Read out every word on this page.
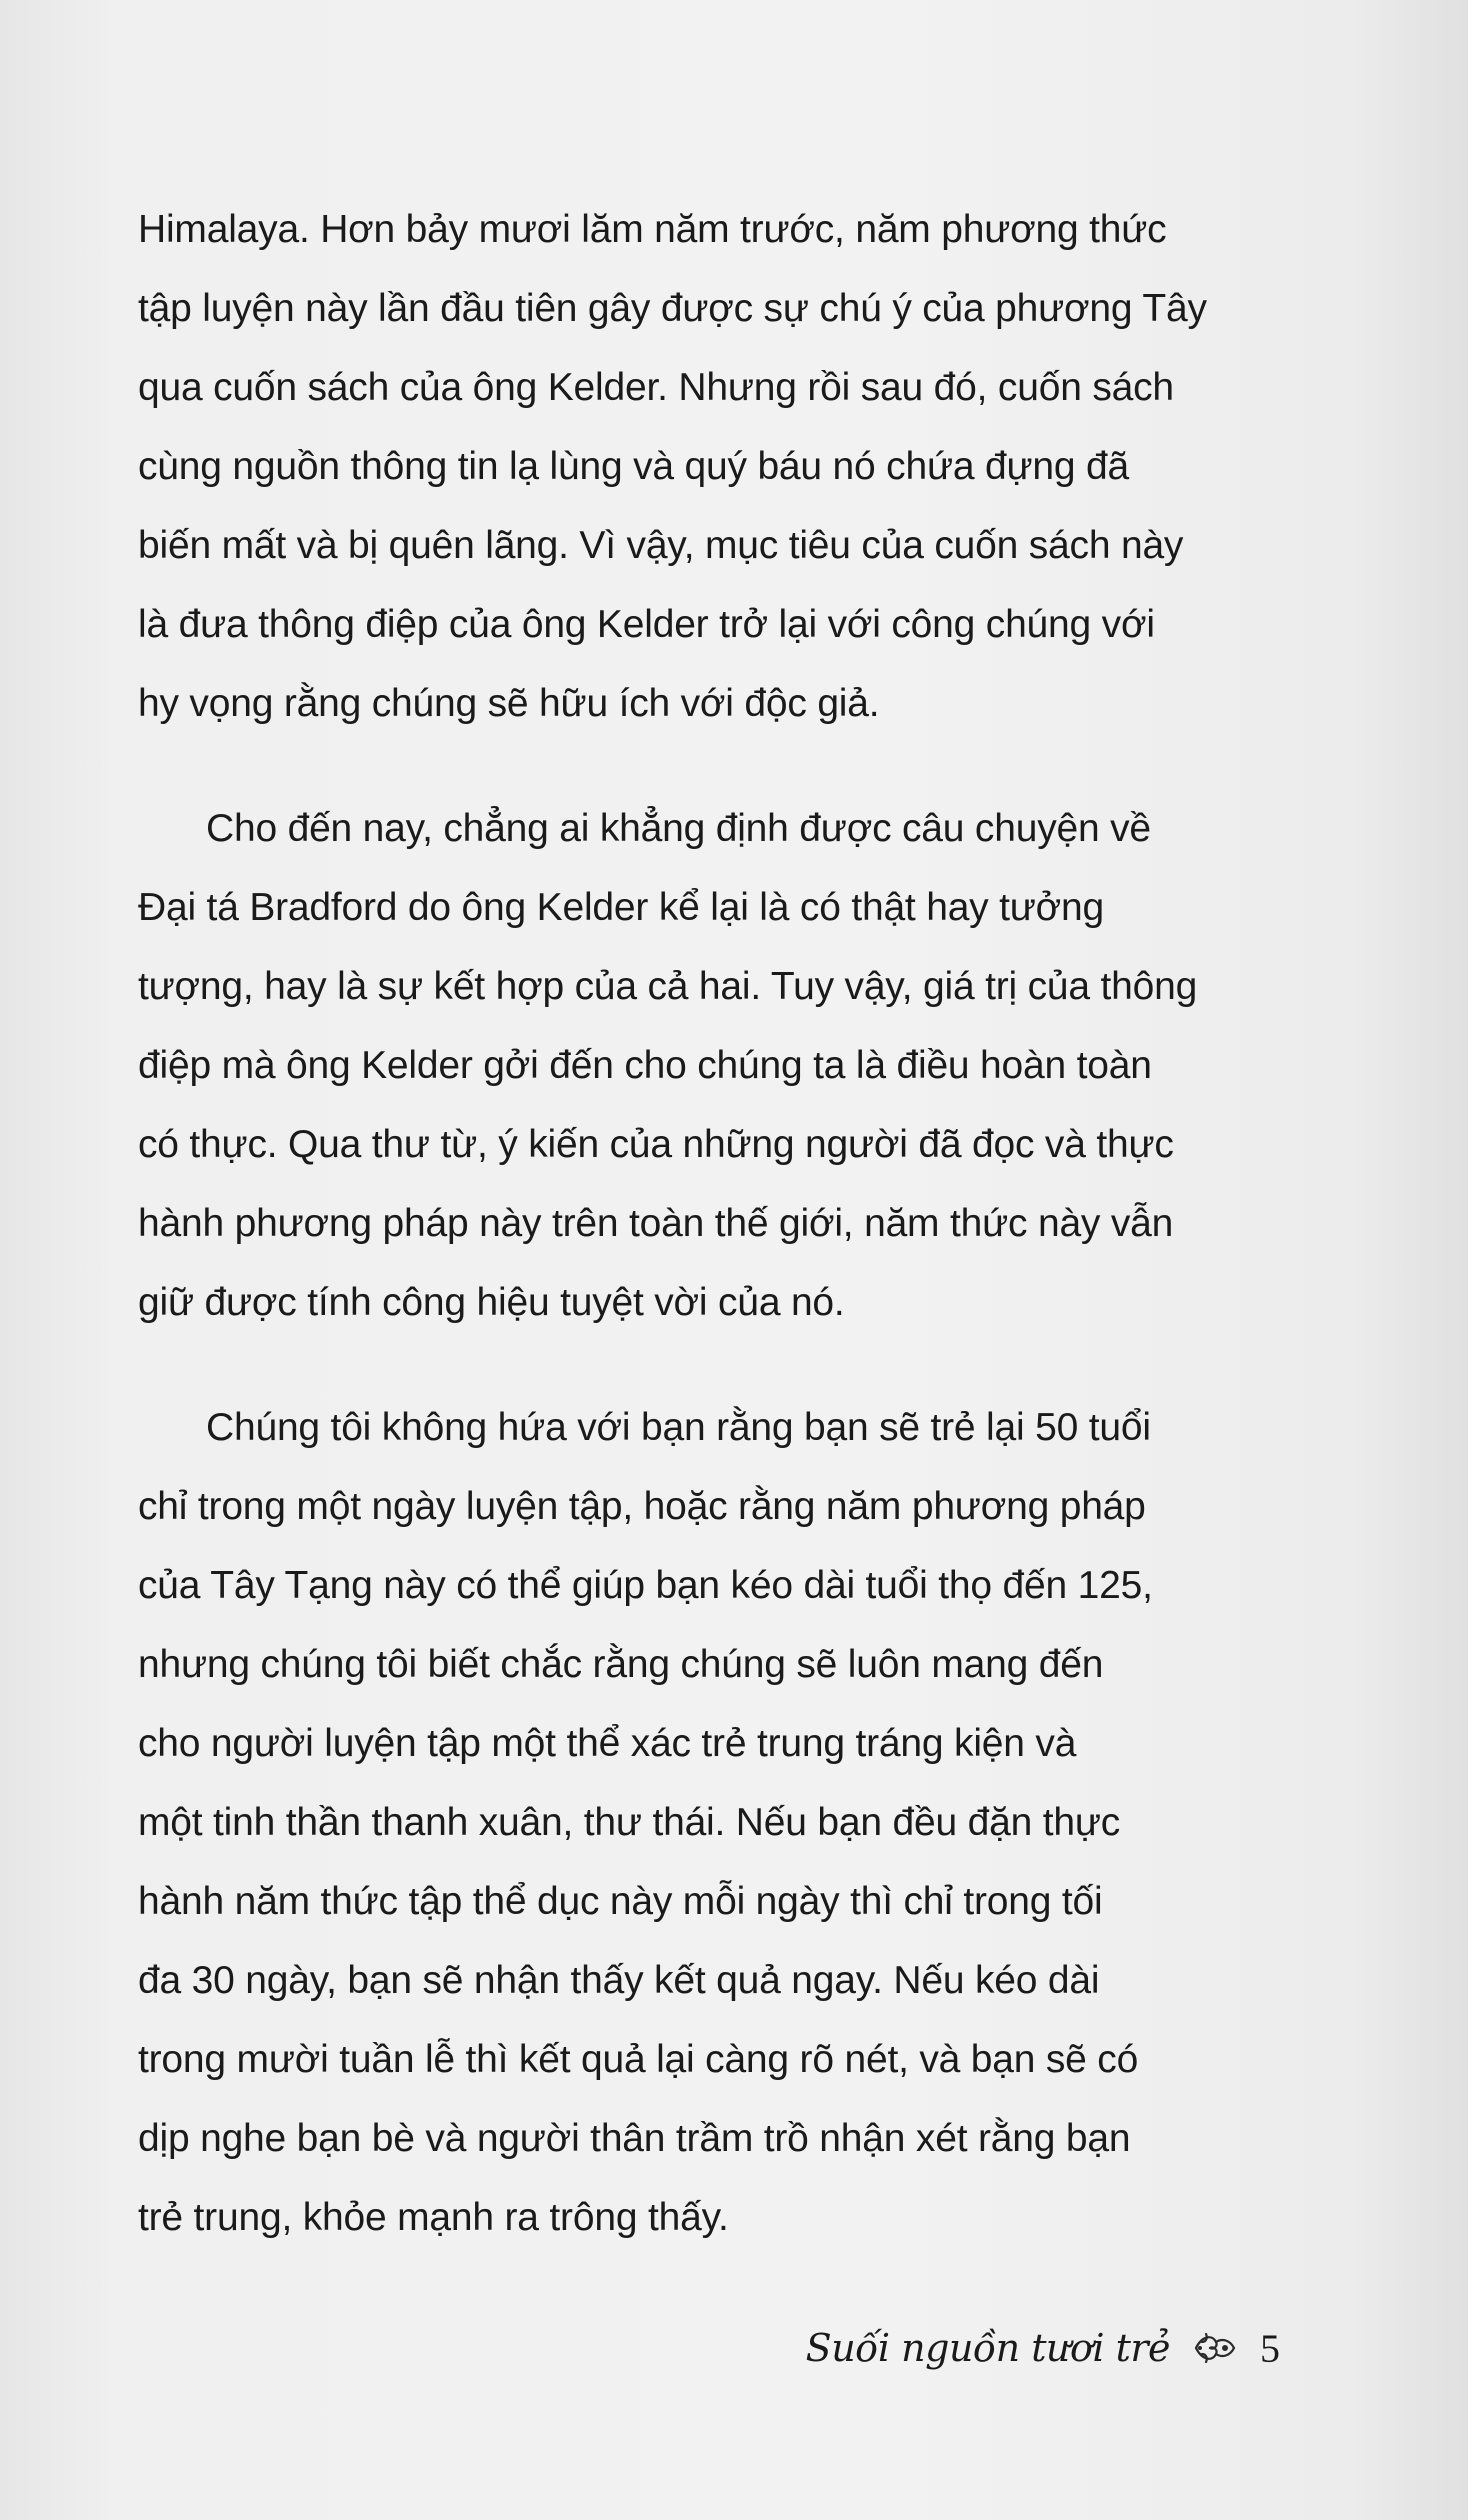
Himalaya. Hơn bảy mươi lăm năm trước, năm phương thức
tập luyện này lần đầu tiên gây được sự chú ý của phương Tây
qua cuốn sách của ông Kelder. Nhưng rồi sau đó, cuốn sách
cùng nguồn thông tin lạ lùng và quý báu nó chứa đựng đã
biến mất và bị quên lãng. Vì vậy, mục tiêu của cuốn sách này
là đưa thông điệp của ông Kelder trở lại với công chúng với
hy vọng rằng chúng sẽ hữu ích với độc giả.
Cho đến nay, chẳng ai khẳng định được câu chuyện về
Đại tá Bradford do ông Kelder kể lại là có thật hay tưởng
tượng, hay là sự kết hợp của cả hai. Tuy vậy, giá trị của thông
điệp mà ông Kelder gởi đến cho chúng ta là điều hoàn toàn
có thực. Qua thư từ, ý kiến của những người đã đọc và thực
hành phương pháp này trên toàn thế giới, năm thức này vẫn
giữ được tính công hiệu tuyệt vời của nó.
Chúng tôi không hứa với bạn rằng bạn sẽ trẻ lại 50 tuổi
chỉ trong một ngày luyện tập, hoặc rằng năm phương pháp
của Tây Tạng này có thể giúp bạn kéo dài tuổi thọ đến 125,
nhưng chúng tôi biết chắc rằng chúng sẽ luôn mang đến
cho người luyện tập một thể xác trẻ trung tráng kiện và
một tinh thần thanh xuân, thư thái. Nếu bạn đều đặn thực
hành năm thức tập thể dục này mỗi ngày thì chỉ trong tối
đa 30 ngày, bạn sẽ nhận thấy kết quả ngay. Nếu kéo dài
trong mười tuần lễ thì kết quả lại càng rõ nét, và bạn sẽ có
dịp nghe bạn bè và người thân trầm trồ nhận xét rằng bạn
trẻ trung, khỏe mạnh ra trông thấy.
Suối nguồn tươi trẻ 5
